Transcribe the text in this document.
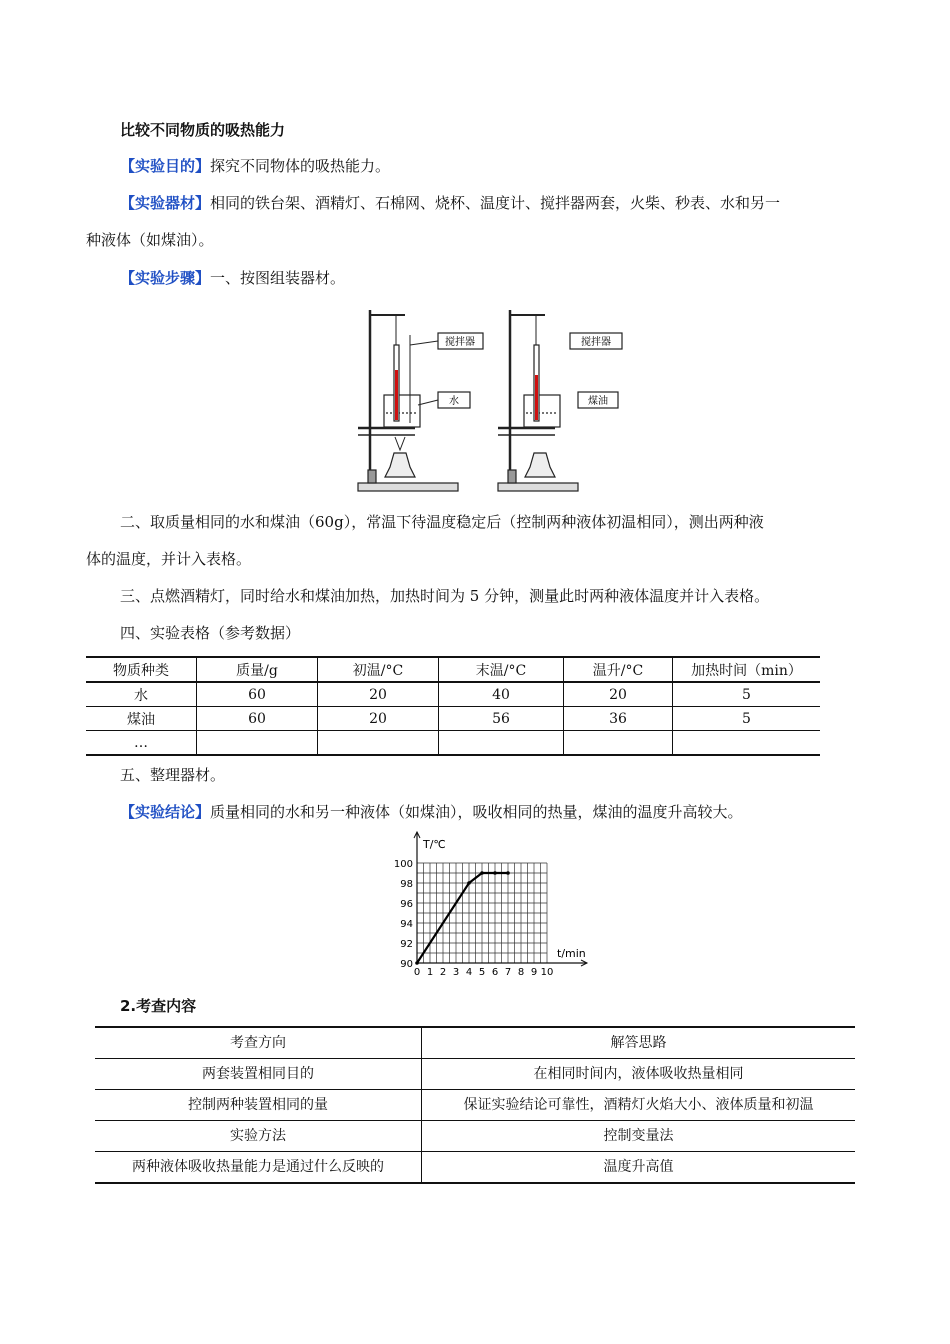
比较不同物质的吸热能力
【实验目的】探究不同物体的吸热能力。
【实验器材】相同的铁台架、酒精灯、石棉网、烧杯、温度计、搅拌器两套，火柴、秒表、水和另一
种液体（如煤油）。
【实验步骤】一、按图组装器材。
搅拌器
水
搅拌器
煤油
二、取质量相同的水和煤油（60g），常温下待温度稳定后（控制两种液体初温相同），测出两种液
体的温度，并计入表格。
三、点燃酒精灯，同时给水和煤油加热，加热时间为 5 分钟，测量此时两种液体温度并计入表格。
四、实验表格（参考数据）
物质种类	质量/g	初温/°C	末温/°C	温升/°C	加热时间（min）
水	60	20	40	20	5
煤油	60	20	56	36	5
…					
五、整理器材。
【实验结论】质量相同的水和另一种液体（如煤油），吸收相同的热量，煤油的温度升高较大。
90
92
94
96
98
100
0 1 2 3 4 5 6 7 8 9 10
T/℃
t/min
2.考查内容
考查方向	解答思路
两套装置相同目的	在相同时间内，液体吸收热量相同
控制两种装置相同的量	保证实验结论可靠性，酒精灯火焰大小、液体质量和初温
实验方法	控制变量法
两种液体吸收热量能力是通过什么反映的	温度升高值
